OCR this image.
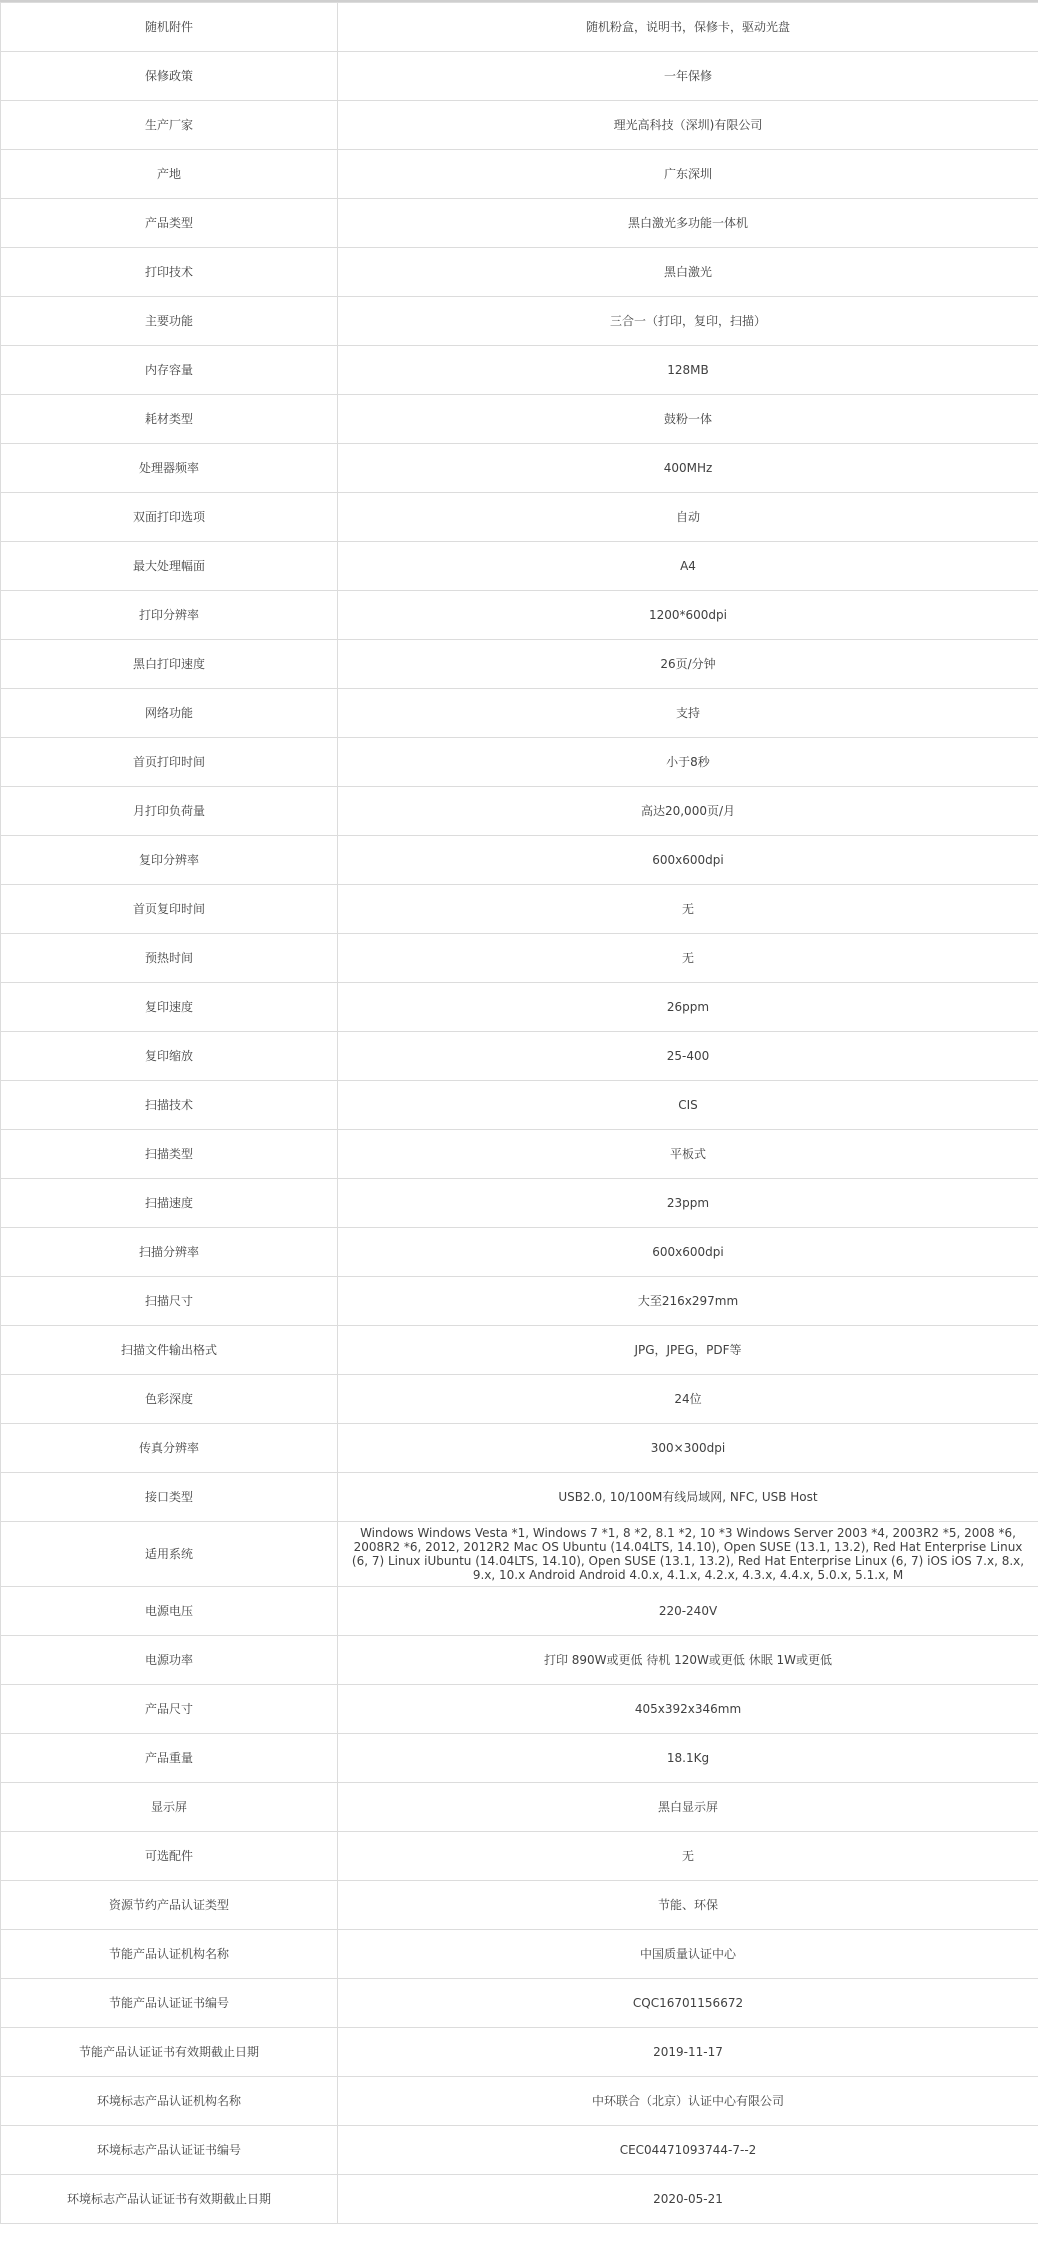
随机附件	随机粉盒，说明书，保修卡，驱动光盘
保修政策	一年保修
生产厂家	理光高科技（深圳)有限公司
产地	广东深圳
产品类型	黑白激光多功能一体机
打印技术	黑白激光
主要功能	三合一（打印，复印，扫描）
内存容量	128MB
耗材类型	鼓粉一体
处理器频率	400MHz
双面打印选项	自动
最大处理幅面	A4
打印分辨率	1200*600dpi
黑白打印速度	26页/分钟
网络功能	支持
首页打印时间	小于8秒
月打印负荷量	高达20,000页/月
复印分辨率	600x600dpi
首页复印时间	无
预热时间	无
复印速度	26ppm
复印缩放	25-400
扫描技术	CIS
扫描类型	平板式
扫描速度	23ppm
扫描分辨率	600x600dpi
扫描尺寸	大至216x297mm
扫描文件输出格式	JPG，JPEG，PDF等
色彩深度	24位
传真分辨率	300×300dpi
接口类型	USB2.0, 10/100M有线局域网, NFC, USB Host
适用系统	Windows Windows Vesta *1, Windows 7 *1, 8 *2, 8.1 *2, 10 *3 Windows Server 2003 *4, 2003R2 *5, 2008 *6, 2008R2 *6, 2012, 2012R2 Mac OS Ubuntu (14.04LTS, 14.10), Open SUSE (13.1, 13.2), Red Hat Enterprise Linux (6, 7) Linux iUbuntu (14.04LTS, 14.10), Open SUSE (13.1, 13.2), Red Hat Enterprise Linux (6, 7) iOS iOS 7.x, 8.x, 9.x, 10.x Android Android 4.0.x, 4.1.x, 4.2.x, 4.3.x, 4.4.x, 5.0.x, 5.1.x, M
电源电压	220-240V
电源功率	打印 890W或更低 待机 120W或更低 休眠 1W或更低
产品尺寸	405x392x346mm
产品重量	18.1Kg
显示屏	黑白显示屏
可选配件	无
资源节约产品认证类型	节能、环保
节能产品认证机构名称	中国质量认证中心
节能产品认证证书编号	CQC16701156672
节能产品认证证书有效期截止日期	2019-11-17
环境标志产品认证机构名称	中环联合（北京）认证中心有限公司
环境标志产品认证证书编号	CEC04471093744-7--2
环境标志产品认证证书有效期截止日期	2020-05-21
